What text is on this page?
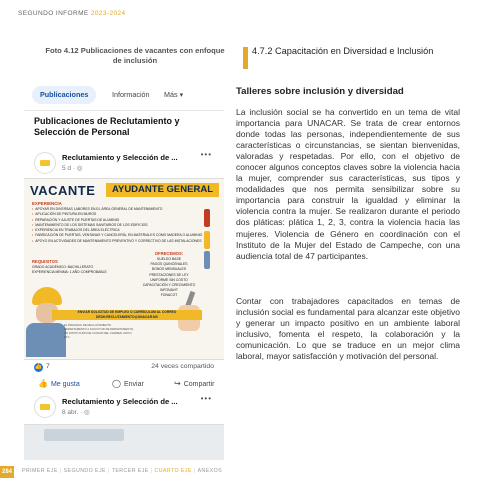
SEGUNDO INFORME 2023-2024
Foto 4.12 Publicaciones de vacantes con enfoque de inclusión
Publicaciones	Información	Más ▾
Publicaciones de Reclutamiento y Selección de Personal
Reclutamiento y Selección de ...
5 d · ◎
•••
VACANTE	AYUDANTE GENERAL
EXPERIENCIA
• APOYAR EN DIVERSAS LABORES EN EL ÁREA GENERAL DE MANTENIMIENTO
• APLICACIÓN DE PINTURA EN MUROS
• REPARACIÓN Y AJUSTE DE PUERTAS DE ALUMINIO
• MANTENIMIENTO DE LOS SISTEMAS SANITARIOS DE LOS EDIFICIOS
• EXPERIENCIA EN TRABAJOS DEL ÁREA ELÉCTRICA
• FABRICACIÓN DE PUERTAS, VENTANAS Y CANCELERÍA, EN MATERIALES COMO MADERA O ALUMINIO
• APOYO EN ACTIVIDADES DE MANTENIMIENTO PREVENTIVO Y CORRECTIVO DE LAS INSTALACIONES
REQUISITOS
GRADO ACADÉMICO: BACHILLERATO EXPERIENCIA MÍNIMA: 1 AÑO COMPROBABLE
OFRECEMOS:
SUELDO BASE
PAGOS QUINCENALES
BONOS MENSUALES
PRESTACIONES DE LEY
UNIFORME SIN COSTO
CAPACITACIÓN Y CRECIMIENTO
INFONAVIT
FONACOT
ENVIAR SOLICITUD DE EMPLEO O CURRÍCULUM AL CORREO DEDH.RECLUTAMIENTO@UNACAR.MX
EL PROCESO DE RECLUTAMIENTO DEPARTAMENTO A SOLICITUD DE DEPARTAMENTO, UN INSTITUCIÓN DE CIUDAD DEL CARMEN, MAYO, ETC.
👍 7	24 veces compartido
👍 Me gusta	◯ Enviar	↪ Compartir
Reclutamiento y Selección de ...
8 abr. · ◎
•••
4.7.2 Capacitación en Diversidad e Inclusión
Talleres sobre inclusión y diversidad

La inclusión social se ha convertido en un tema de vital importancia para UNACAR. Se trata de crear entornos donde todas las personas, independientemente de sus características o circunstancias, se sientan bienvenidas, valoradas y respetadas. Por ello, con el objetivo de conocer algunos conceptos claves sobre la violencia hacia la mujer, comprender sus características, sus tipos y modalidades que nos permita sensibilizar sobre su importancia para construir la igualdad y eliminar la violencia contra la mujer. Se realizaron durante el periodo dos pláticas: plática 1, 2, 3, contra la violencia hacia las mujeres. Violencia de Género en coordinación con el Instituto de la Mujer del Estado de Campeche, con una audiencia total de 47 participantes.

Contar con trabajadores capacitados en temas de inclusión social es fundamental para alcanzar este objetivo y generar un impacto positivo en un ambiente laboral inclusivo, fomenta el respeto, la colaboración y la comunicación. Lo que se traduce en un mejor clima laboral, mayor satisfacción y motivación del personal.

284	PRIMER EJE | SEGUNDO EJE | TERCER EJE | CUARTO EJE | ANEXOS
